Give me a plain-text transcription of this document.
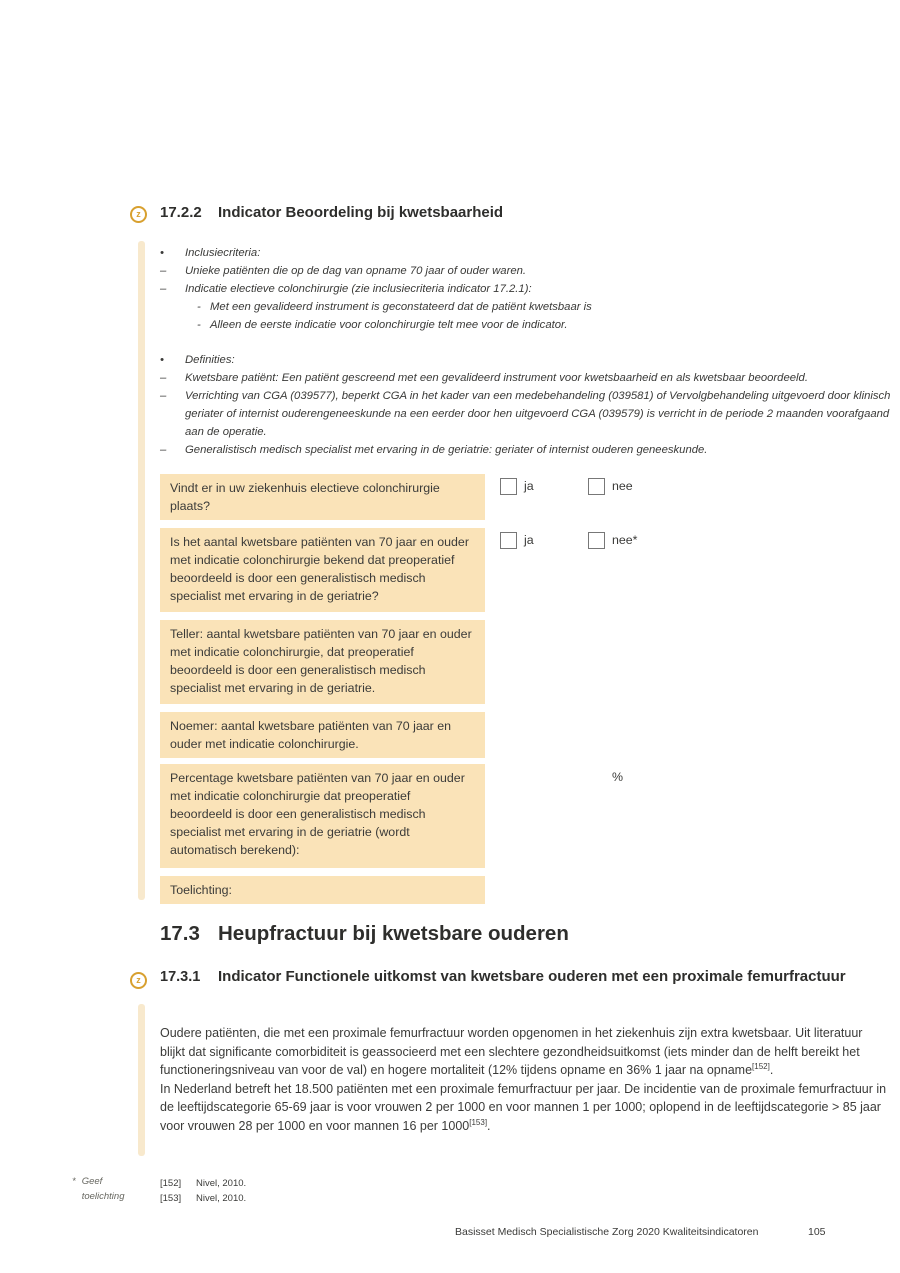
z	17.2.2 Indicator Beoordeling bij kwetsbaarheid
•	Inclusiecriteria:
–	Unieke patiënten die op de dag van opname 70 jaar of ouder waren.
–	Indicatie electieve colonchirurgie (zie inclusiecriteria indicator 17.2.1):
- Met een gevalideerd instrument is geconstateerd dat de patiënt kwetsbaar is
- Alleen de eerste indicatie voor colonchirurgie telt mee voor de indicator.
•	Definities:
–	Kwetsbare patiënt: Een patiënt gescreend met een gevalideerd instrument voor kwetsbaarheid en als kwetsbaar beoordeeld.
–	Verrichting van CGA (039577), beperkt CGA in het kader van een medebehandeling (039581) of Vervolgbehandeling uitgevoerd door klinisch geriater of internist ouderengeneeskunde na een eerder door hen uitgevoerd CGA (039579) is verricht in de periode 2 maanden voorafgaand aan de operatie.
–	Generalistisch medisch specialist met ervaring in de geriatrie: geriater of internist ouderen geneeskunde.
Vindt er in uw ziekenhuis electieve colonchirurgie plaats?
ja	nee
Is het aantal kwetsbare patiënten van 70 jaar en ouder met indicatie colonchirurgie bekend dat preoperatief beoordeeld is door een generalistisch medisch specialist met ervaring in de geriatrie?
ja	nee*
Teller: aantal kwetsbare patiënten van 70 jaar en ouder met indicatie colonchirurgie, dat preoperatief beoordeeld is door een generalistisch medisch specialist met ervaring in de geriatrie.
Noemer: aantal kwetsbare patiënten van 70 jaar en ouder met indicatie colonchirurgie.
Percentage kwetsbare patiënten van 70 jaar en ouder met indicatie colonchirurgie dat preoperatief beoordeeld is door een generalistisch medisch specialist met ervaring in de geriatrie (wordt automatisch berekend):
%
Toelichting:
17.3 Heupfractuur bij kwetsbare ouderen
z	17.3.1 Indicator Functionele uitkomst van kwetsbare ouderen met een proximale femurfractuur

Oudere patiënten, die met een proximale femurfractuur worden opgenomen in het ziekenhuis zijn extra kwetsbaar. Uit literatuur blijkt dat significante comorbiditeit is geassocieerd met een slechtere gezondheidsuitkomst (iets minder dan de helft bereikt het functioneringsniveau van voor de val) en hogere mortaliteit (12% tijdens opname en 36% 1 jaar na opname[152].

In Nederland betreft het 18.500 patiënten met een proximale femurfractuur per jaar. De incidentie van de proximale femurfractuur in de leeftijdscategorie 65-69 jaar is voor vrouwen 2 per 1000 en voor mannen 1 per 1000; oplopend in de leeftijdscategorie > 85 jaar voor vrouwen 28 per 1000 en voor mannen 16 per 1000[153].

* Geef
toelichting
[152]	Nivel, 2010.
[153]	Nivel, 2010.
Basisset Medisch Specialistische Zorg 2020 Kwaliteitsindicatoren	105
